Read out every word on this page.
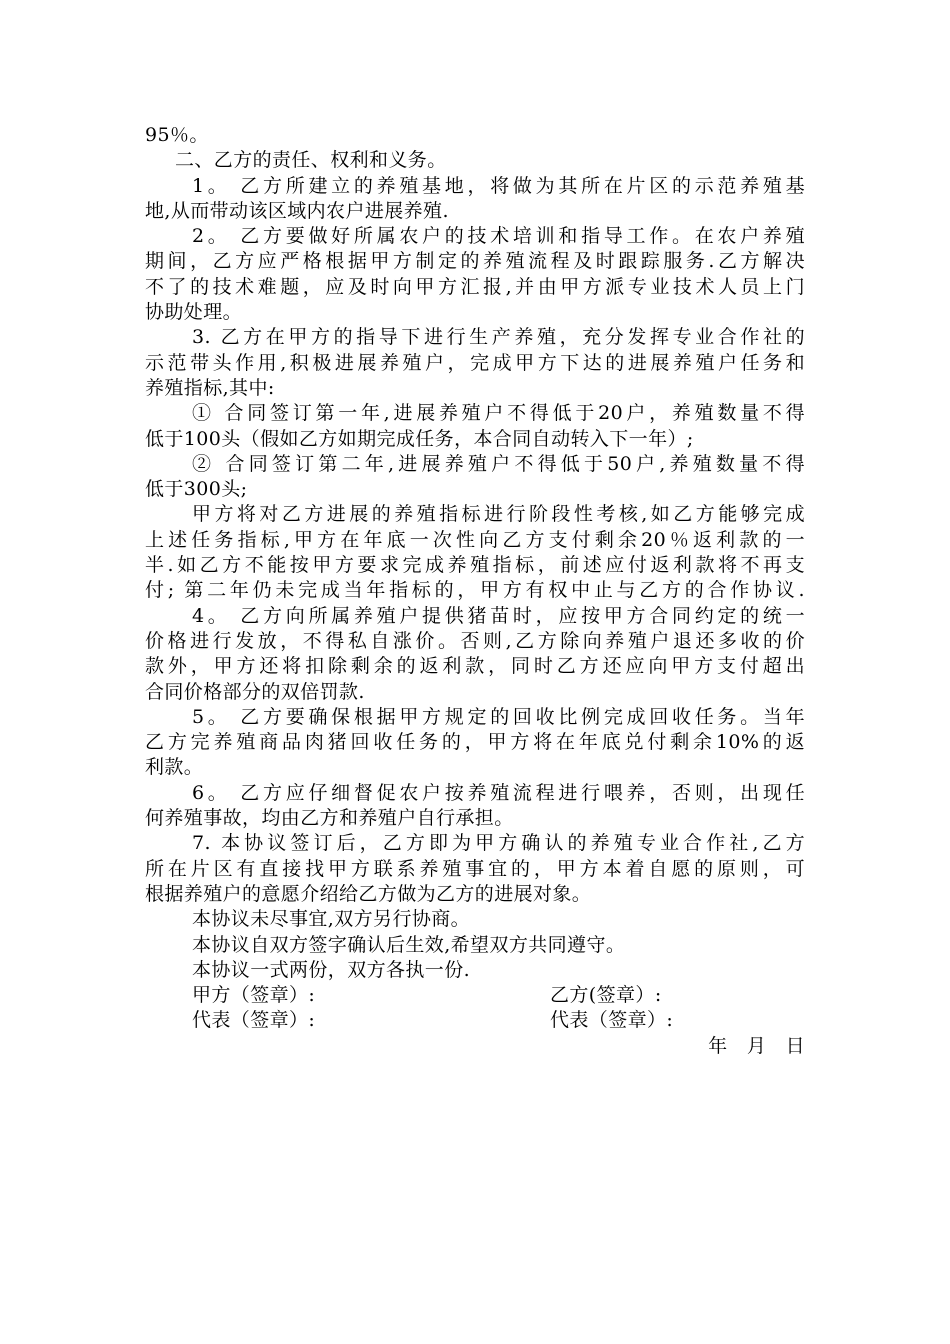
95％。
二、乙方的责任、权利和义务。
1。 乙方所建立的养殖基地，将做为其所在片区的示范养殖基
地,从而带动该区域内农户进展养殖.
2。 乙方要做好所属农户的技术培训和指导工作。在农户养殖
期间，乙方应严格根据甲方制定的养殖流程及时跟踪服务.乙方解决
不了的技术难题，应及时向甲方汇报,并由甲方派专业技术人员上门
协助处理。
3. 乙方在甲方的指导下进行生产养殖，充分发挥专业合作社的
示范带头作用,积极进展养殖户，完成甲方下达的进展养殖户任务和
养殖指标,其中:
① 合同签订第一年,进展养殖户不得低于20户，养殖数量不得
低于100头（假如乙方如期完成任务，本合同自动转入下一年）;
② 合同签订第二年,进展养殖户不得低于50户,养殖数量不得
低于300头;
甲方将对乙方进展的养殖指标进行阶段性考核,如乙方能够完成
上述任务指标,甲方在年底一次性向乙方支付剩余20％返利款的一
半.如乙方不能按甲方要求完成养殖指标，前述应付返利款将不再支
付; 第二年仍未完成当年指标的，甲方有权中止与乙方的合作协议.
4。 乙方向所属养殖户提供猪苗时，应按甲方合同约定的统一
价格进行发放，不得私自涨价。否则,乙方除向养殖户退还多收的价
款外，甲方还将扣除剩余的返利款，同时乙方还应向甲方支付超出
合同价格部分的双倍罚款.
5。 乙方要确保根据甲方规定的回收比例完成回收任务。当年
乙方完养殖商品肉猪回收任务的，甲方将在年底兑付剩余10%的返
利款。
6。 乙方应仔细督促农户按养殖流程进行喂养，否则，出现任
何养殖事故，均由乙方和养殖户自行承担。
7. 本协议签订后，乙方即为甲方确认的养殖专业合作社,乙方
所在片区有直接找甲方联系养殖事宜的，甲方本着自愿的原则，可
根据养殖户的意愿介绍给乙方做为乙方的进展对象。
本协议未尽事宜,双方另行协商。
本协议自双方签字确认后生效,希望双方共同遵守。
本协议一式两份，双方各执一份.
甲方（签章）:	乙方(签章）:
代表（签章）:	代表（签章）:
年   月   日
